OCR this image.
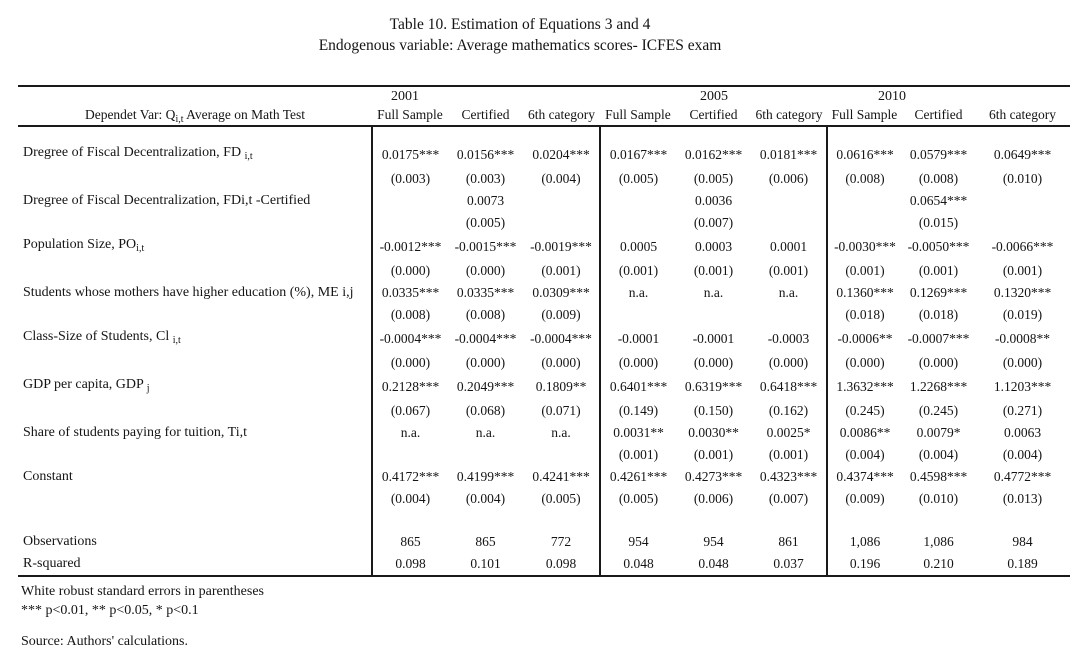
Table 10. Estimation of Equations 3 and 4
Endogenous variable: Average mathematics scores- ICFES exam
2001 2005 2010									

Dependet Var: $Q_{i,t}$ Average on Math Test	Full Sample	Certified	6th category	Full Sample	Certified	6th category	Full Sample	Certified	6th category

Dregree of Fiscal Decentralization, FD $_{i,t}$	0.0175***	0.0156***	0.0204***	0.0167***	0.0162***	0.0181***	0.0616***	0.0579***	0.0649***
	(0.003)	(0.003)	(0.004)	(0.005)	(0.005)	(0.006)	(0.008)	(0.008)	(0.010)
Dregree of Fiscal Decentralization, FDi,t -Certified		0.0073			0.0036			0.0654***	
		(0.005)			(0.007)			(0.015)	
Population Size, $PO_{i,t}$	-0.0012***	-0.0015***	-0.0019***	0.0005	0.0003	0.0001	-0.0030***	-0.0050***	-0.0066***
	(0.000)	(0.000)	(0.001)	(0.001)	(0.001)	(0.001)	(0.001)	(0.001)	(0.001)
Students whose mothers have higher education (%), ME i,j	0.0335***	0.0335***	0.0309***	n.a.	n.a.	n.a.	0.1360***	0.1269***	0.1320***
	(0.008)	(0.008)	(0.009)				(0.018)	(0.018)	(0.019)
Class-Size of Students, Cl $_{i,t}$	-0.0004***	-0.0004***	-0.0004***	-0.0001	-0.0001	-0.0003	-0.0006**	-0.0007***	-0.0008**
	(0.000)	(0.000)	(0.000)	(0.000)	(0.000)	(0.000)	(0.000)	(0.000)	(0.000)
GDP per capita, GDP $_j$	0.2128***	0.2049***	0.1809**	0.6401***	0.6319***	0.6418***	1.3632***	1.2268***	1.1203***
	(0.067)	(0.068)	(0.071)	(0.149)	(0.150)	(0.162)	(0.245)	(0.245)	(0.271)
Share of students paying for tuition, Ti,t	n.a.	n.a.	n.a.	0.0031**	0.0030**	0.0025*	0.0086**	0.0079*	0.0063
				(0.001)	(0.001)	(0.001)	(0.004)	(0.004)	(0.004)
Constant	0.4172***	0.4199***	0.4241***	0.4261***	0.4273***	0.4323***	0.4374***	0.4598***	0.4772***
	(0.004)	(0.004)	(0.005)	(0.005)	(0.006)	(0.007)	(0.009)	(0.010)	(0.013)

Observations	865	865	772	954	954	861	1,086	1,086	984
R-squared	0.098	0.101	0.098	0.048	0.048	0.037	0.196	0.210	0.189
White robust standard errors in parentheses
*** p<0.01, ** p<0.05, * p<0.1
Source: Authors' calculations.
